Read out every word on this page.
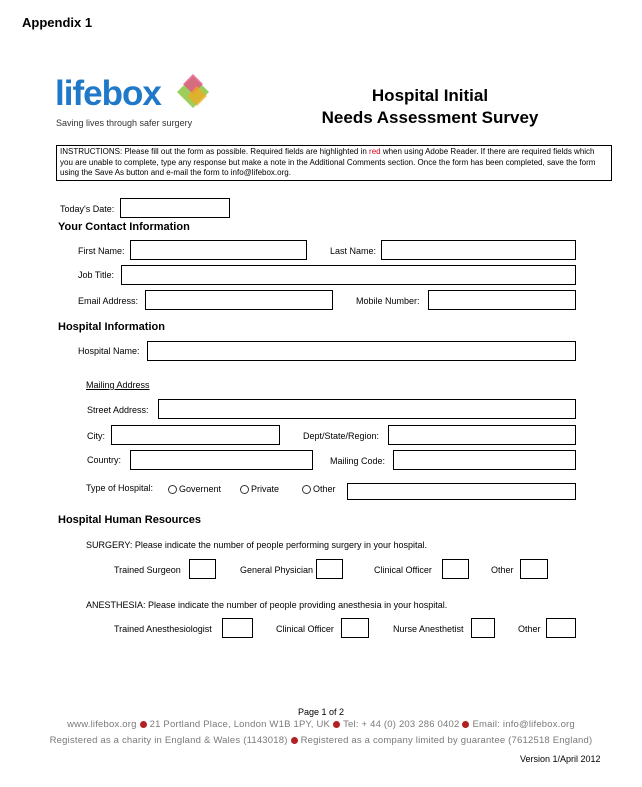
Appendix 1
lifebox
Saving lives through safer surgery
Hospital Initial
Needs Assessment Survey
INSTRUCTIONS: Please fill out the form as possible. Required fields are highlighted in red when using Adobe Reader. If there are required fields which you are unable to complete, type any response but make a note in the Additional Comments section. Once the form has been completed, save the form using the Save As button and e-mail the form to info@lifebox.org.
Today's Date:
Your Contact Information
First Name:	Last Name:
Job Title:
Email Address:	Mobile Number:
Hospital Information
Hospital Name:
Mailing Address
Street Address:
City:	Dept/State/Region:
Country:	Mailing Code:
Type of Hospital:	Governent	Private	Other
Hospital Human Resources
SURGERY: Please indicate the number of people performing surgery in your hospital.
Trained Surgeon	General Physician	Clinical Officer	Other
ANESTHESIA: Please indicate the number of people providing anesthesia in your hospital.
Trained Anesthesiologist	Clinical Officer	Nurse Anesthetist	Other
Page 1 of 2
www.lifebox.org 21 Portland Place, London W1B 1PY, UK Tel: + 44 (0) 203 286 0402 Email: info@lifebox.org
Registered as a charity in England & Wales (1143018) Registered as a company limited by guarantee (7612518 England)
Version 1/April 2012
